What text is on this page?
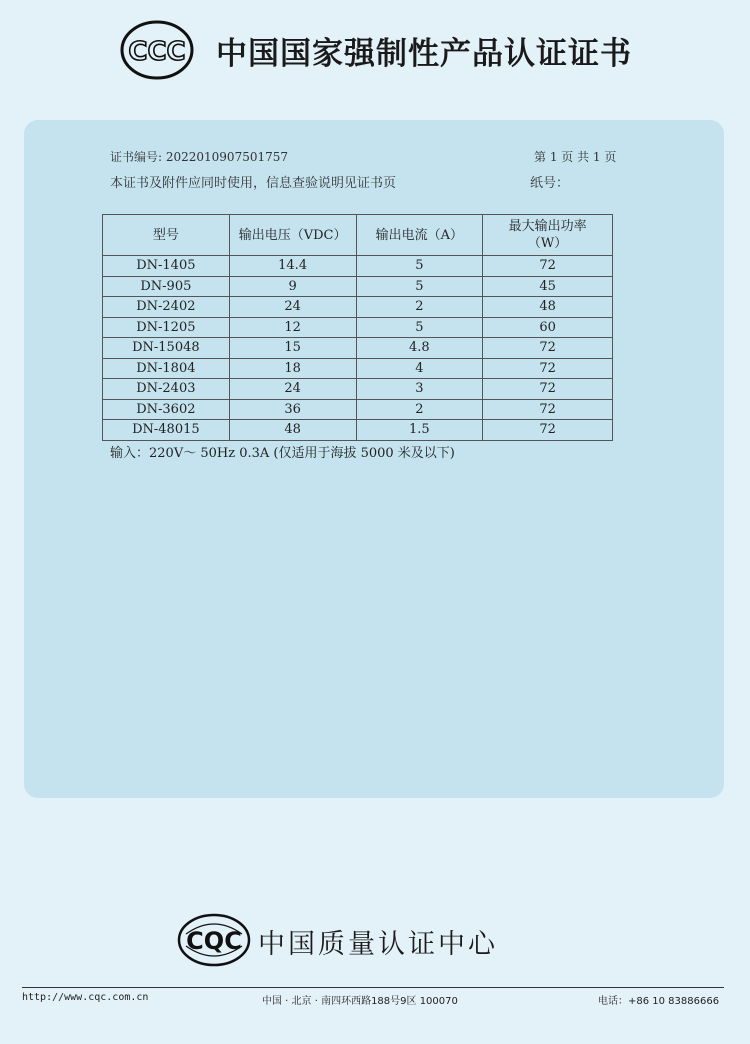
CCC 中国国家强制性产品认证证书
证书编号: 2022010907501757	第 1 页 共 1 页
本证书及附件应同时使用，信息查验说明见证书页	纸号：
型号	输出电压（VDC）	输出电流（A）	最大输出功率
（W）
DN-1405	14.4	5	72
DN-905	9	5	45
DN-2402	24	2	48
DN-1205	12	5	60
DN-15048	15	4.8	72
DN-1804	18	4	72
DN-2403	24	3	72
DN-3602	36	2	72
DN-48015	48	1.5	72
输入：220V～ 50Hz 0.3A (仅适用于海拔 5000 米及以下)
CQC 中国质量认证中心
http://www.cqc.com.cn	中国 · 北京 · 南四环西路188号9区 100070	电话：+86 10 83886666
